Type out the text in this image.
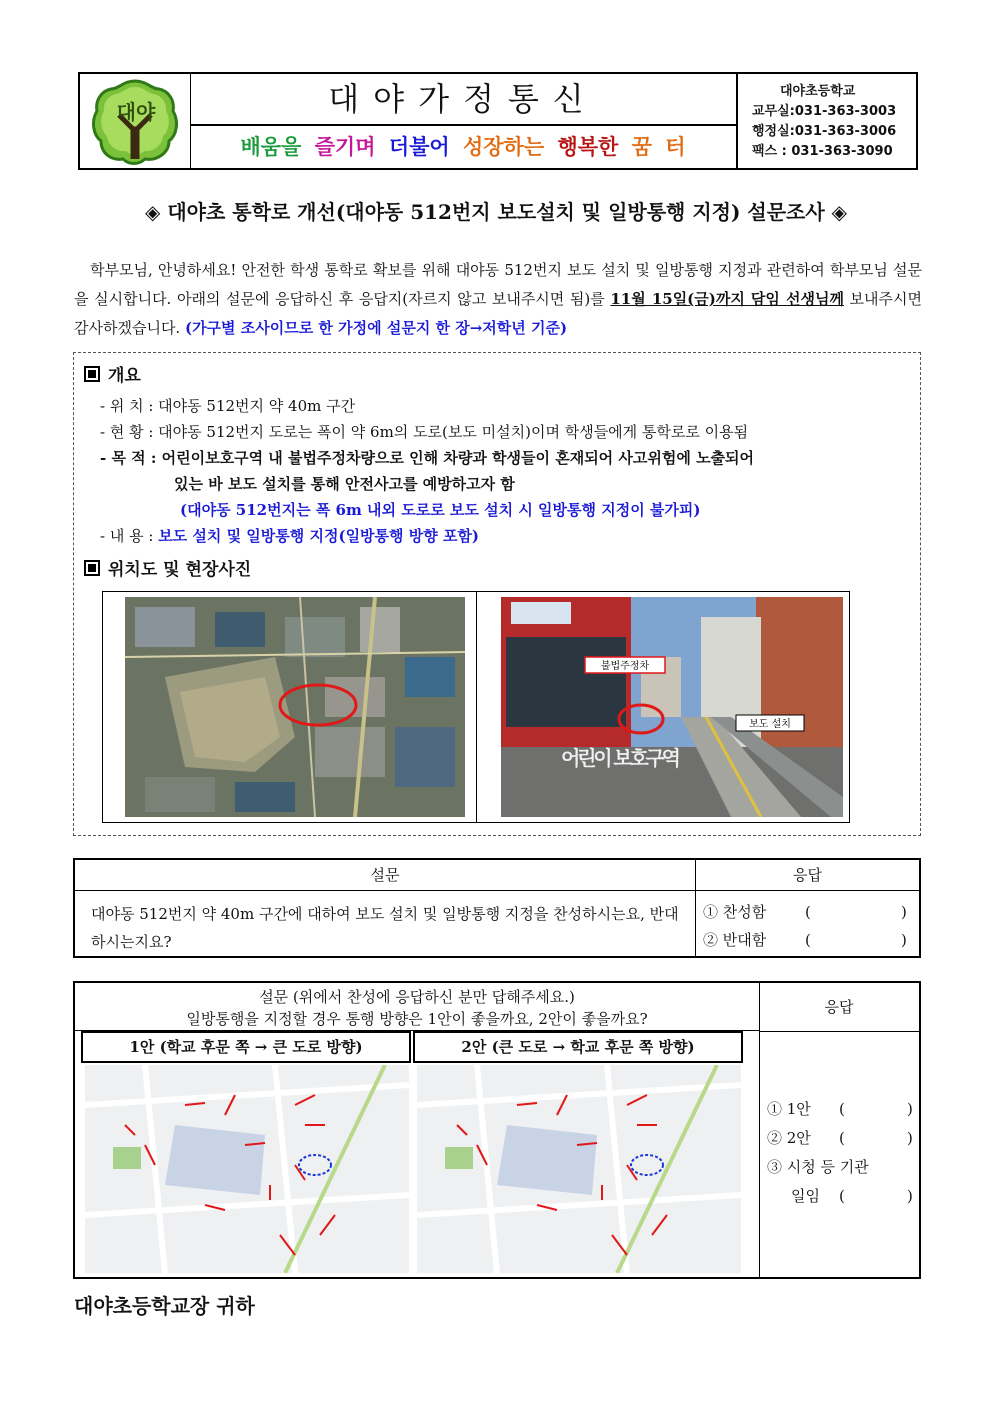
대야	대야가정통신
배움을 즐기며 더불어 성장하는 행복한 꿈 터
대야초등학교
교무실:031-363-3003
행정실:031-363-3006
팩스 : 031-363-3090
◈ 대야초 통학로 개선(대야동 512번지 보도설치 및 일방통행 지정) 설문조사 ◈

학부모님, 안녕하세요! 안전한 학생 통학로 확보를 위해 대야동 512번지 보도 설치 및 일방통행 지정과 관련하여 학부모님 설문을 실시합니다. 아래의 설문에 응답하신 후 응답지(자르지 않고 보내주시면 됨)를 11월 15일(금)까지 담임 선생님께 보내주시면 감사하겠습니다. (가구별 조사이므로 한 가정에 설문지 한 장→저학년 기준)

개요
- 위 치 : 대야동 512번지 약 40m 구간
- 현 황 : 대야동 512번지 도로는 폭이 약 6m의 도로(보도 미설치)이며 학생들에게 통학로로 이용됨
- 목 적 : 어린이보호구역 내 불법주정차량으로 인해 차량과 학생들이 혼재되어 사고위험에 노출되어
있는 바 보도 설치를 통해 안전사고를 예방하고자 함
(대야동 512번지는 폭 6m 내외 도로로 보도 설치 시 일방통행 지정이 불가피)
- 내 용 : 보도 설치 및 일방통행 지정(일방통행 방향 포함)
위치도 및 현장사진
어린이 보호구역
불법주정차
보도 설치
설문	응답
대야동 512번지 약 40m 구간에 대하여 보도 설치 및 일방통행 지정을 찬성하시는요, 반대하시는지요?
① 찬성함	(	)
② 반대함	(	)
설문 (위에서 찬성에 응답하신 분만 답해주세요.)
일방통행을 지정할 경우 통행 방향은 1안이 좋을까요, 2안이 좋을까요?
응답
1안 (학교 후문 쪽 → 큰 도로 방향)	2안 (큰 도로 → 학교 후문 쪽 방향)
① 1안 (	)
② 2안 (	)
③ 시청 등 기관
일임 (	)
대야초등학교장 귀하
